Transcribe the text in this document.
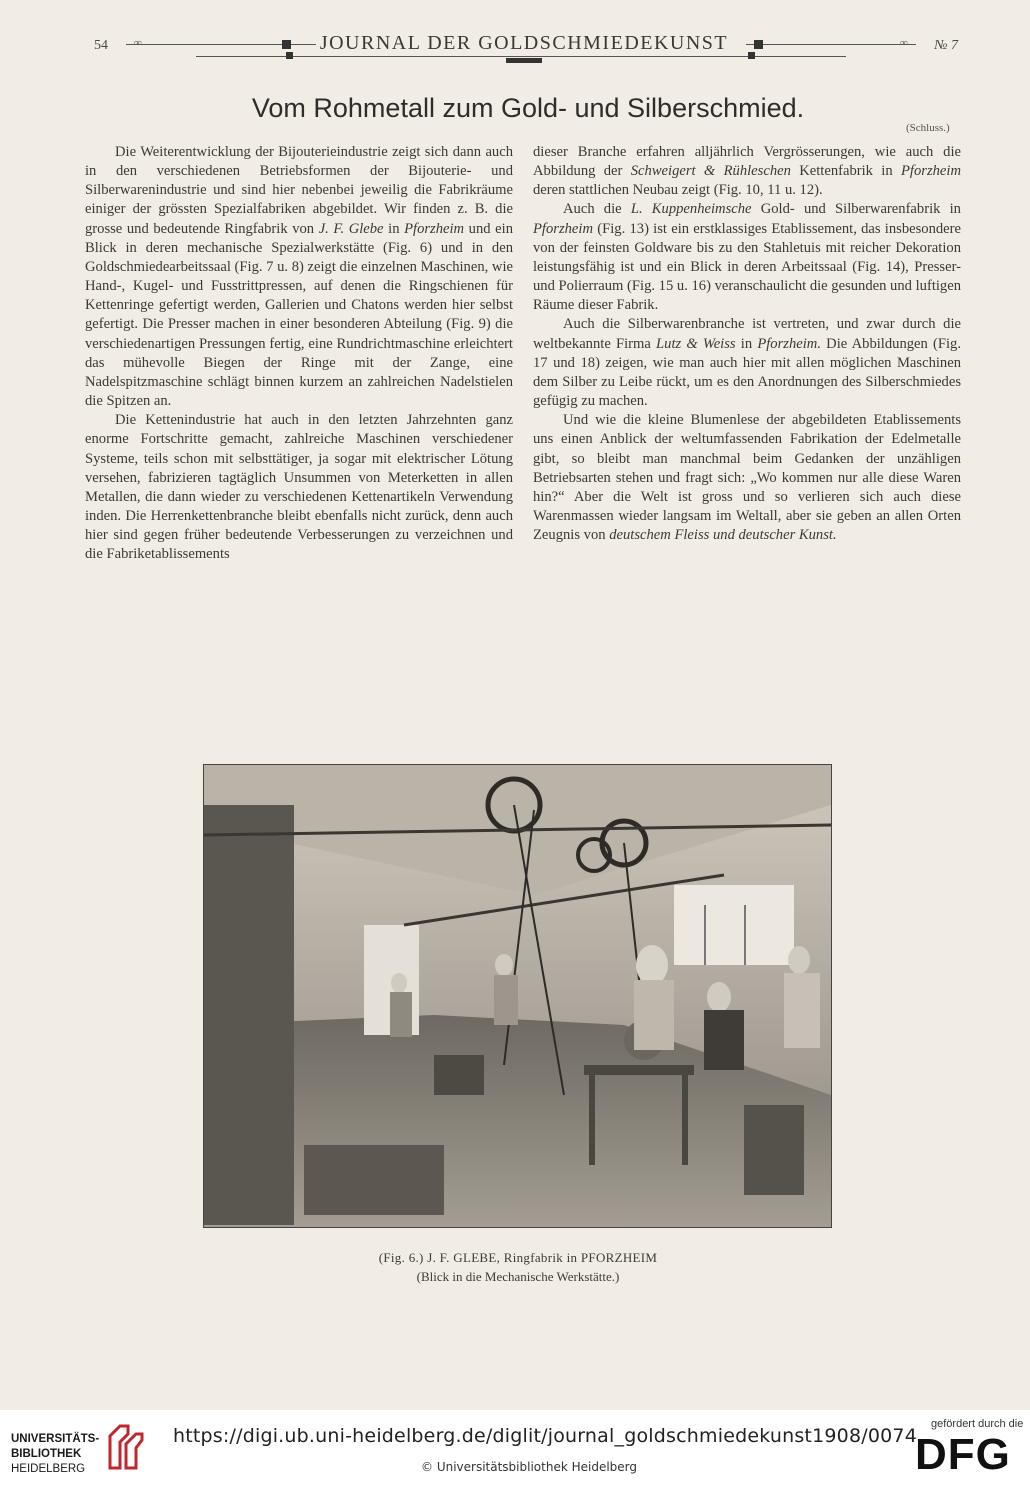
54 ∞	∞
JOURNAL DER GOLDSCHMIEDEKUNST	№ 7
Vom Rohmetall zum Gold- und Silberschmied.
(Schluss.)

Die Weiterentwicklung der Bijouterieindustrie zeigt sich dann auch in den verschiedenen Betriebsformen der Bijouterie- und Silberwarenindustrie und sind hier nebenbei jeweilig die Fabrikräume einiger der grössten Spezialfabriken abgebildet. Wir finden z. B. die grosse und bedeutende Ringfabrik von J. F. Glebe in Pforzheim und ein Blick in deren mechanische Spezialwerkstätte (Fig. 6) und in den Goldschmiedearbeitssaal (Fig. 7 u. 8) zeigt die einzelnen Maschinen, wie Hand-, Kugel- und Fusstrittpressen, auf denen die Ringschienen für Kettenringe gefertigt werden, Gallerien und Chatons werden hier selbst gefertigt. Die Presser machen in einer besonderen Abteilung (Fig. 9) die verschiedenartigen Pressungen fertig, eine Rundrichtmaschine erleichtert das mühevolle Biegen der Ringe mit der Zange, eine Nadelspitzmaschine schlägt binnen kurzem an zahlreichen Nadelstielen die Spitzen an.

Die Kettenindustrie hat auch in den letzten Jahrzehnten ganz enorme Fortschritte gemacht, zahlreiche Maschinen verschiedener Systeme, teils schon mit selbsttätiger, ja sogar mit elektrischer Lötung versehen, fabrizieren tagtäglich Unsummen von Meterketten in allen Metallen, die dann wieder zu verschiedenen Kettenartikeln Verwendung inden. Die Herrenkettenbranche bleibt ebenfalls nicht zurück, denn auch hier sind gegen früher bedeutende Verbesserungen zu verzeichnen und die Fabriketablissements

dieser Branche erfahren alljährlich Vergrösserungen, wie auch die Abbildung der Schweigert & Rühleschen Kettenfabrik in Pforzheim deren stattlichen Neubau zeigt (Fig. 10, 11 u. 12).

Auch die L. Kuppenheimsche Gold- und Silberwarenfabrik in Pforzheim (Fig. 13) ist ein erstklassiges Etablissement, das insbesondere von der feinsten Goldware bis zu den Stahletuis mit reicher Dekoration leistungsfähig ist und ein Blick in deren Arbeitssaal (Fig. 14), Presser- und Polierraum (Fig. 15 u. 16) veranschaulicht die gesunden und luftigen Räume dieser Fabrik.

Auch die Silberwarenbranche ist vertreten, und zwar durch die weltbekannte Firma Lutz & Weiss in Pforzheim. Die Abbildungen (Fig. 17 und 18) zeigen, wie man auch hier mit allen möglichen Maschinen dem Silber zu Leibe rückt, um es den Anordnungen des Silberschmiedes gefügig zu machen.

Und wie die kleine Blumenlese der abgebildeten Etablissements uns einen Anblick der weltumfassenden Fabrikation der Edelmetalle gibt, so bleibt man manchmal beim Gedanken der unzähligen Betriebsarten stehen und fragt sich: „Wo kommen nur alle diese Waren hin?“ Aber die Welt ist gross und so verlieren sich auch diese Warenmassen wieder langsam im Weltall, aber sie geben an allen Orten Zeugnis von deutschem Fleiss und deutscher Kunst.

(Fig. 6.) J. F. GLEBE, Ringfabrik in PFORZHEIM
(Blick in die Mechanische Werkstätte.)
UNIVERSITÄTS-
BIBLIOTHEK
HEIDELBERG
https://digi.ub.uni-heidelberg.de/diglit/journal_goldschmiedekunst1908/0074
© Universitätsbibliothek Heidelberg
gefördert durch die
DFG
